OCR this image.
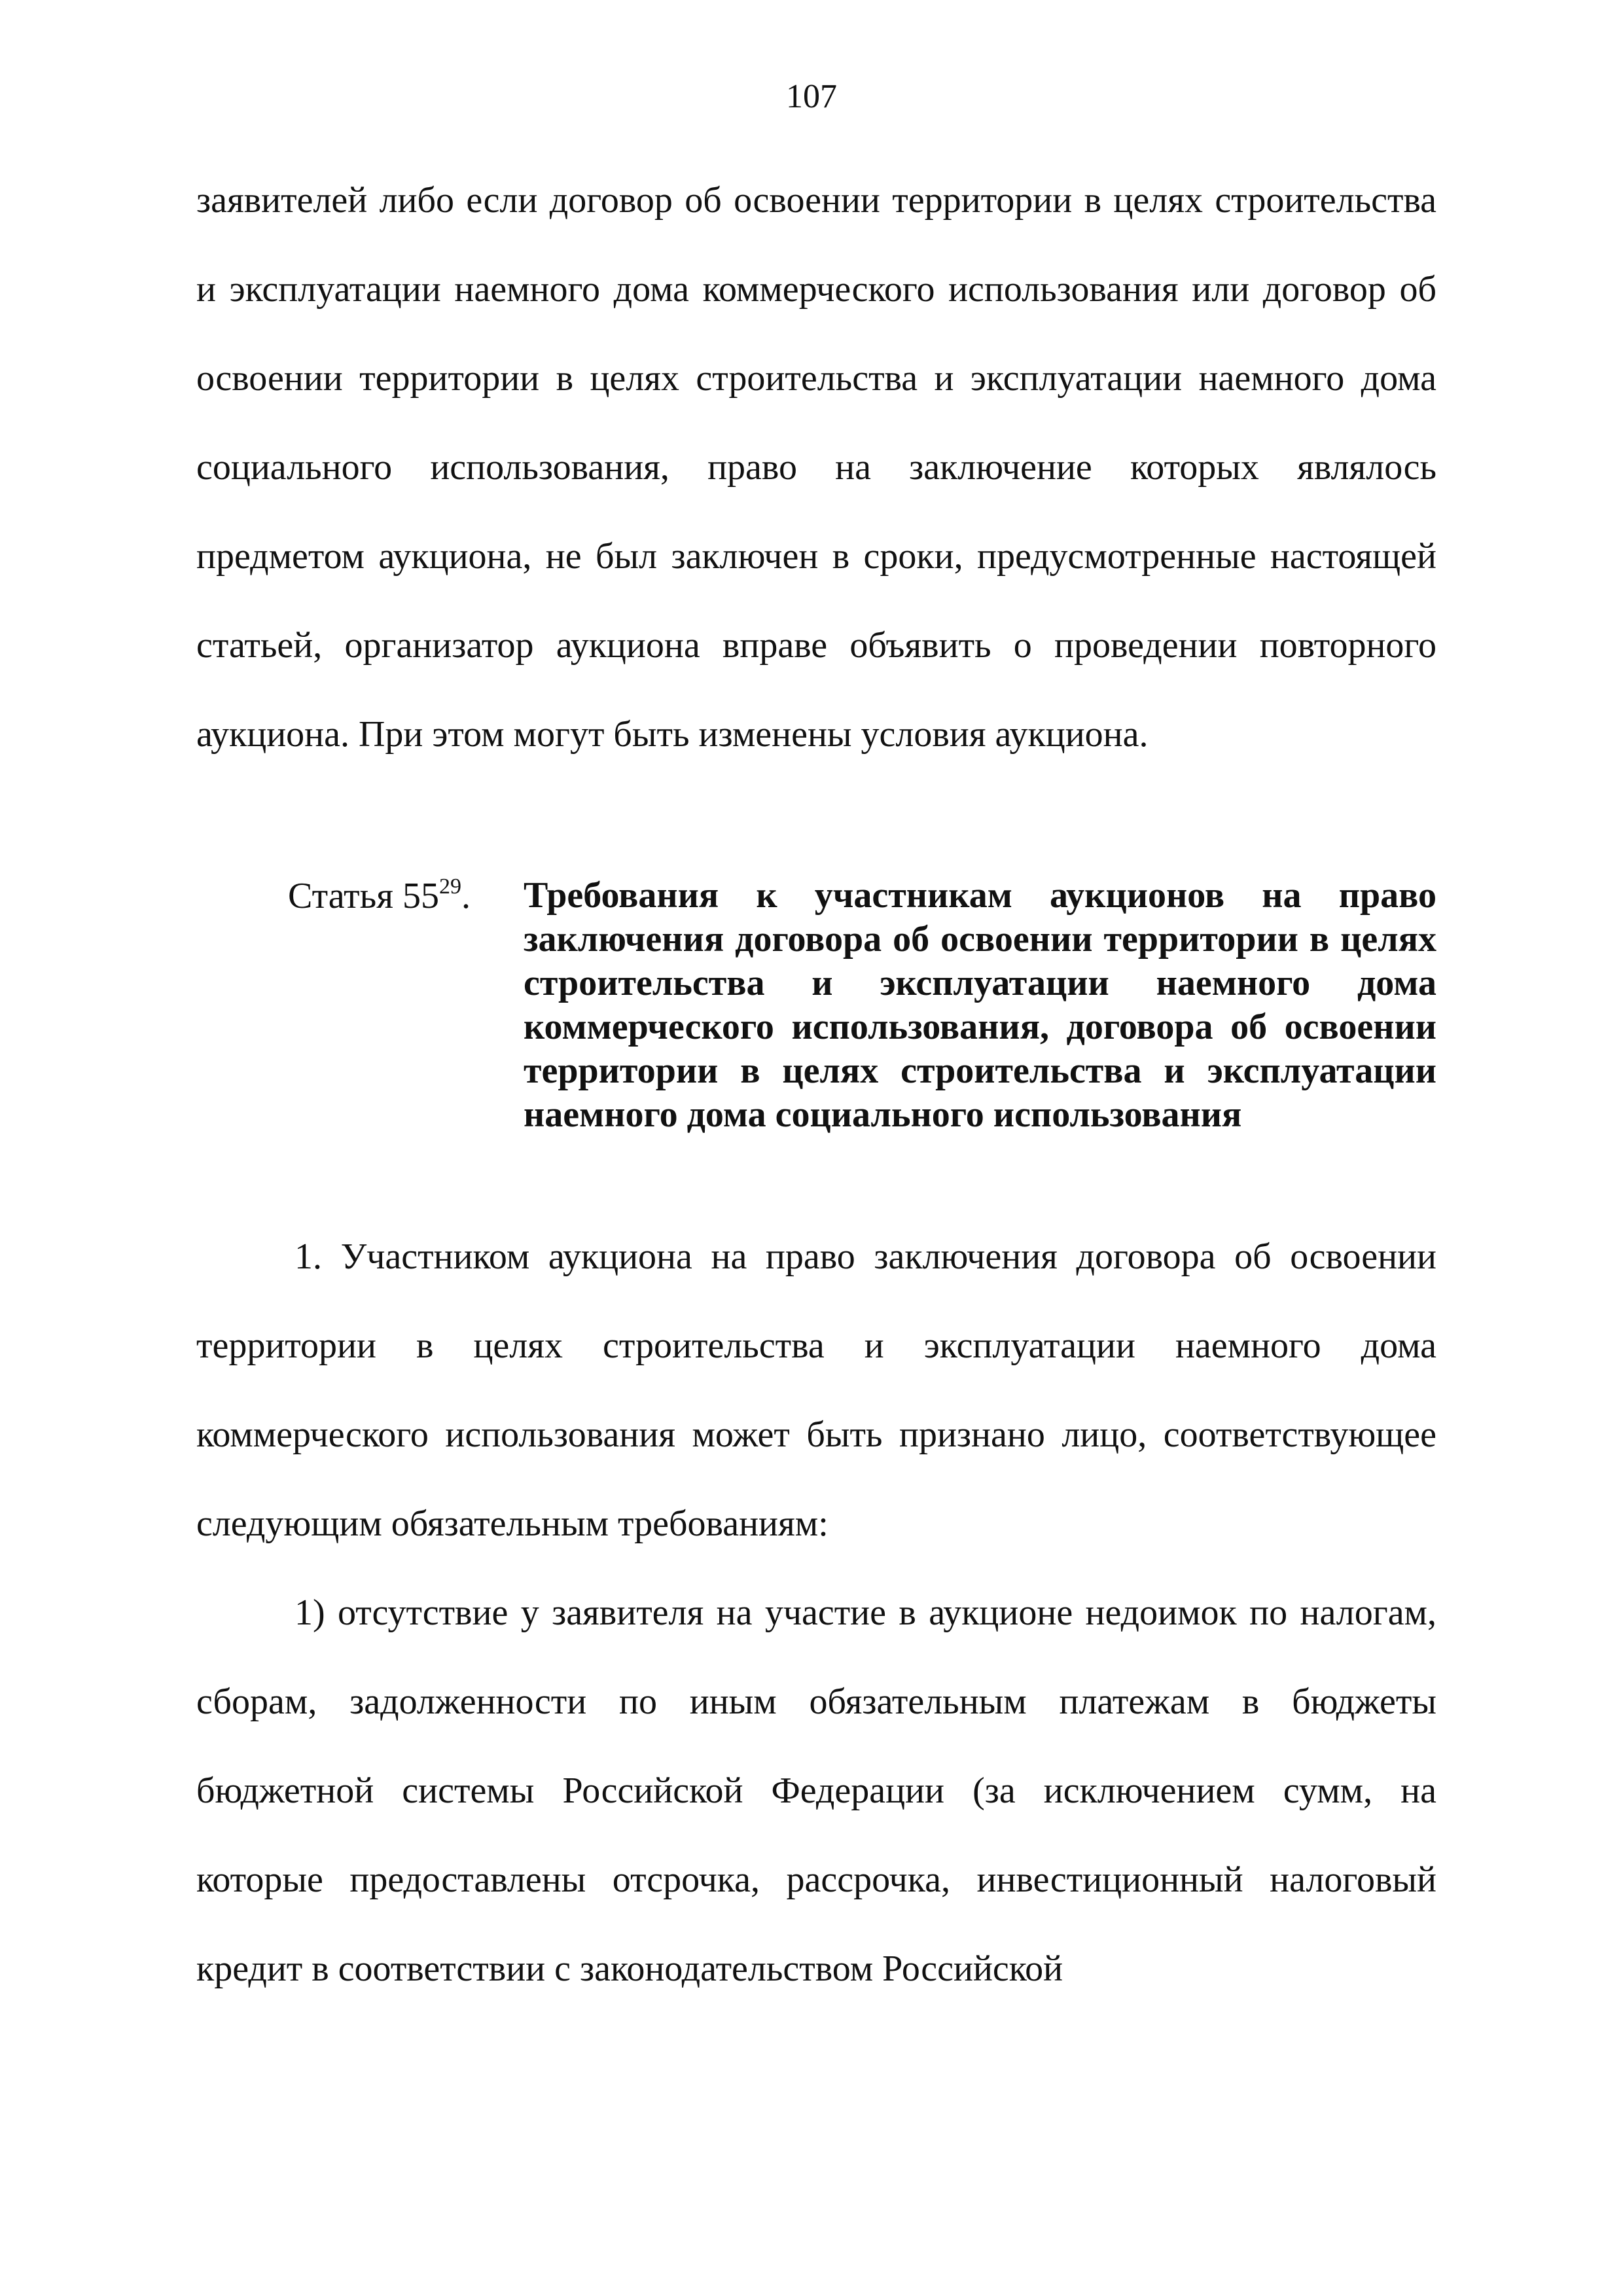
107

заявителей либо если договор об освоении территории в целях строительства и эксплуатации наемного дома коммерческого использования или договор об освоении территории в целях строительства и эксплуатации наемного дома социального использования, право на заключение которых являлось предметом аукциона, не был заключен в сроки, предусмотренные настоящей статьей, организатор аукциона вправе объявить о проведении повторного аукциона. При этом могут быть изменены условия аукциона.

Статья $55^{29}$.	Требования к участникам аукционов на право заключения договора об освоении территории в целях строительства и эксплуатации наемного дома коммерческого использования, договора об освоении территории в целях строительства и эксплуатации наемного дома социального использования

1. Участником аукциона на право заключения договора об освоении территории в целях строительства и эксплуатации наемного дома коммерческого использования может быть признано лицо, соответствующее следующим обязательным требованиям:

1) отсутствие у заявителя на участие в аукционе недоимок по налогам, сборам, задолженности по иным обязательным платежам в бюджеты бюджетной системы Российской Федерации (за исключением сумм, на которые предоставлены отсрочка, рассрочка, инвестиционный налоговый кредит в соответствии с законодательством Российской
